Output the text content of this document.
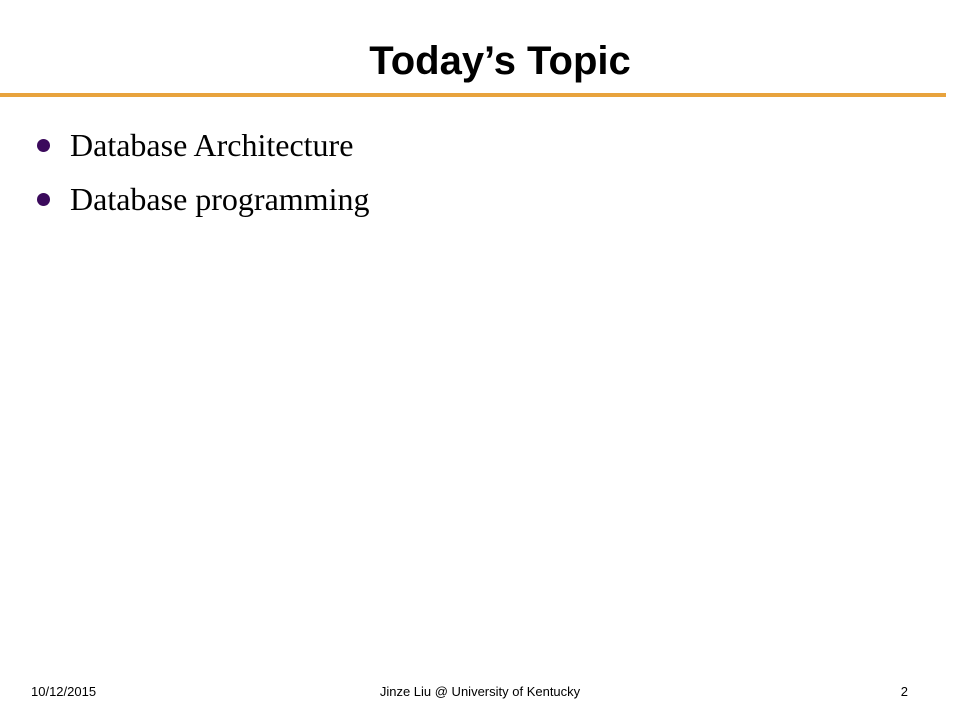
Today’s Topic
Database Architecture
Database programming
10/12/2015	Jinze Liu @ University of Kentucky	2
